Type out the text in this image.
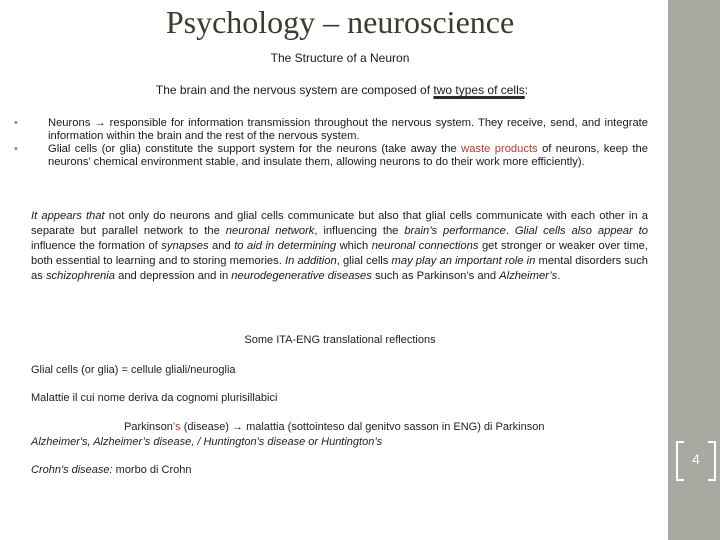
Psychology – neuroscience
The Structure of a Neuron
The brain and the nervous system are composed of two types of cells:
•	Neurons → responsible for information transmission throughout the nervous system. They receive, send, and integrate information within the brain and the rest of the nervous system.
•	Glial cells (or glia) constitute the support system for the neurons (take away the waste products of neurons, keep the neurons’ chemical environment stable, and insulate them, allowing neurons to do their work more efficiently).
It appears that not only do neurons and glial cells communicate but also that glial cells communicate with each other in a separate but parallel network to the neuronal network, influencing the brain’s performance. Glial cells also appear to influence the formation of synapses and to aid in determining which neuronal connections get stronger or weaker over time, both essential to learning and to storing memories. In addition, glial cells may play an important role in mental disorders such as schizophrenia and depression and in neurodegenerative diseases such as Parkinson’s and Alzheimer’s.
Some ITA-ENG translational reflections
Glial cells (or glia) = cellule gliali/neuroglia
Malattie il cui nome deriva da cognomi plurisillabici
Parkinson’s (disease) → malattia (sottointeso dal genitvo sasson in ENG) di Parkinson
Alzheimer's, Alzheimer’s disease, / Huntington's disease or Huntington’s
Crohn's disease: morbo di Crohn
4
